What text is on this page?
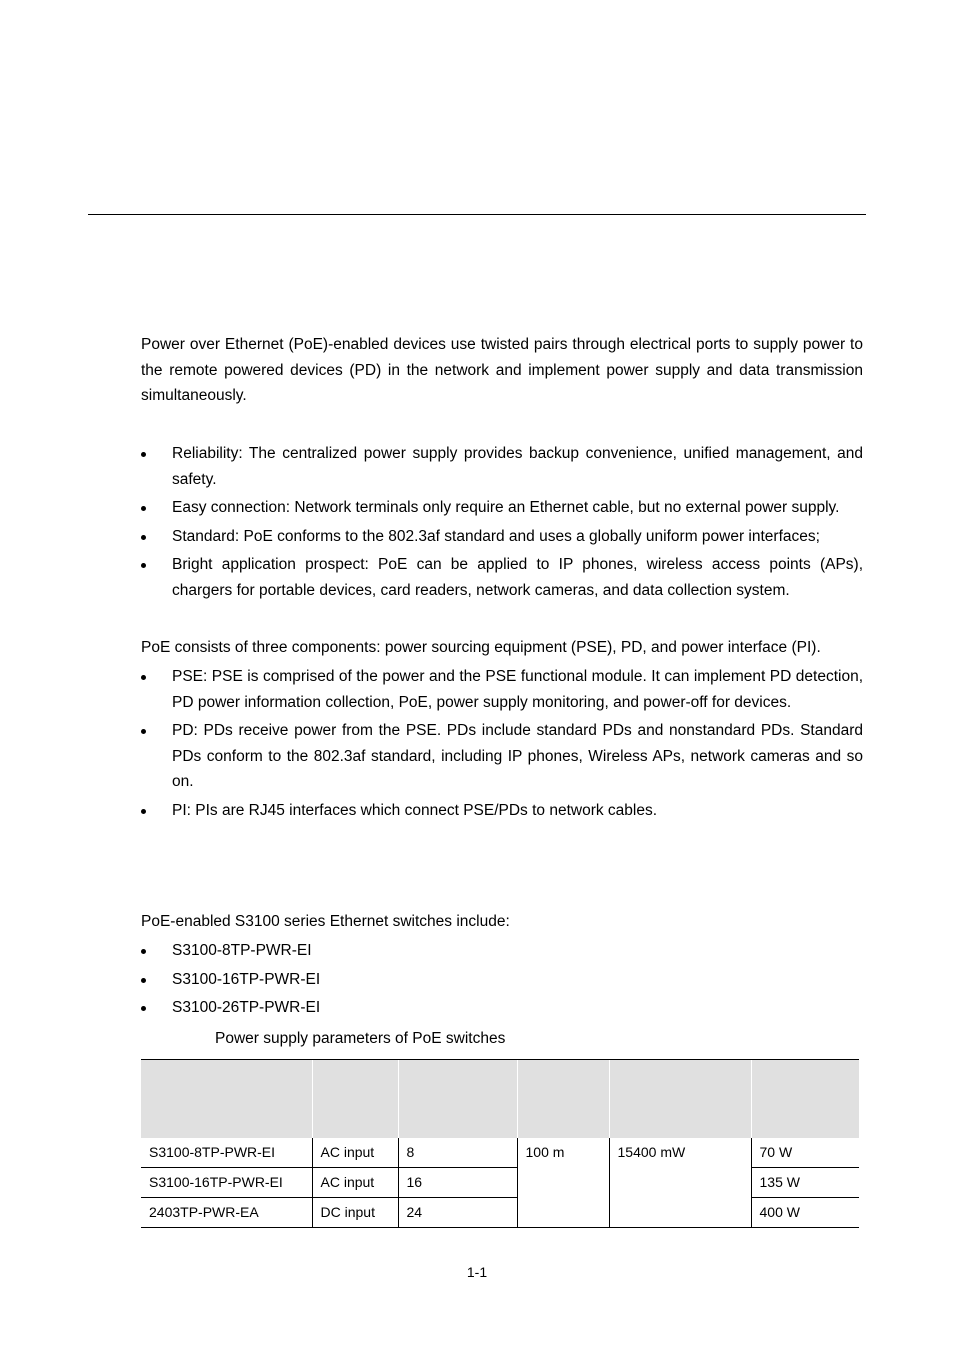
Power over Ethernet (PoE)-enabled devices use twisted pairs through electrical ports to supply power to the remote powered devices (PD) in the network and implement power supply and data transmission simultaneously.

Reliability: The centralized power supply provides backup convenience, unified management, and safety.
Easy connection: Network terminals only require an Ethernet cable, but no external power supply.
Standard: PoE conforms to the 802.3af standard and uses a globally uniform power interfaces;
Bright application prospect: PoE can be applied to IP phones, wireless access points (APs), chargers for portable devices, card readers, network cameras, and data collection system.

PoE consists of three components: power sourcing equipment (PSE), PD, and power interface (PI).

PSE: PSE is comprised of the power and the PSE functional module. It can implement PD detection, PD power information collection, PoE, power supply monitoring, and power-off for devices.
PD: PDs receive power from the PSE. PDs include standard PDs and nonstandard PDs. Standard PDs conform to the 802.3af standard, including IP phones, Wireless APs, network cameras and so on.
PI: PIs are RJ45 interfaces which connect PSE/PDs to network cables.

PoE-enabled S3100 series Ethernet switches include:

S3100-8TP-PWR-EI
S3100-16TP-PWR-EI
S3100-26TP-PWR-EI
Power supply parameters of PoE switches

S3100-8TP-PWR-EI	AC input	8	100 m	15400 mW	70 W
S3100-16TP-PWR-EI	AC input	16			135 W
2403TP-PWR-EA	DC input	24			400 W
1-1
